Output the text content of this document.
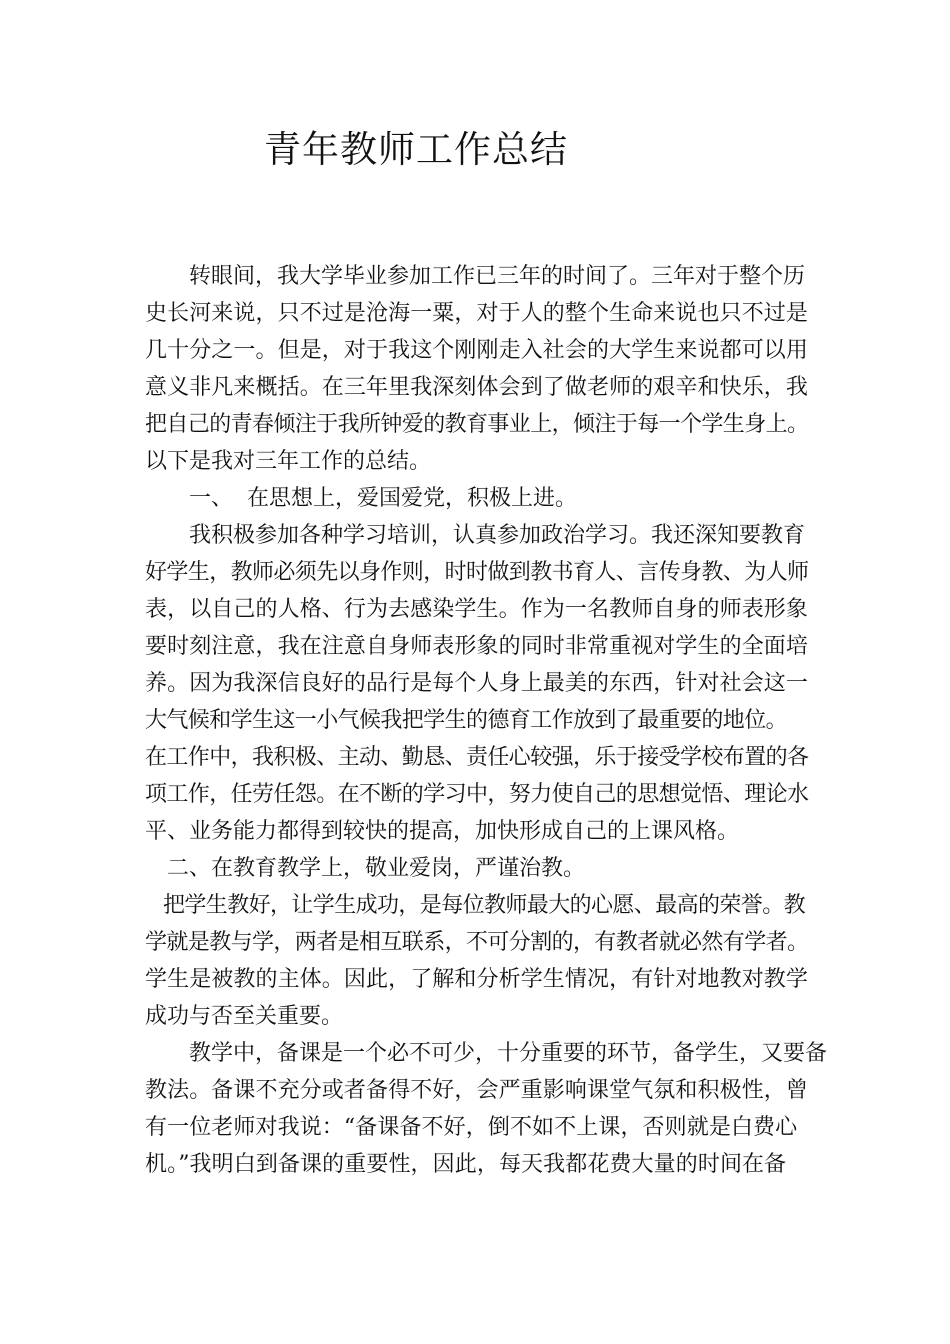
青年教师工作总结
转眼间，我大学毕业参加工作已三年的时间了。三年对于整个历
史长河来说，只不过是沧海一粟，对于人的整个生命来说也只不过是
几十分之一。但是，对于我这个刚刚走入社会的大学生来说都可以用
意义非凡来概括。在三年里我深刻体会到了做老师的艰辛和快乐，我
把自己的青春倾注于我所钟爱的教育事业上，倾注于每一个学生身上。
以下是我对三年工作的总结。
一、  在思想上，爱国爱党，积极上进。
我积极参加各种学习培训，认真参加政治学习。我还深知要教育
好学生，教师必须先以身作则，时时做到教书育人、言传身教、为人师
表，以自己的人格、行为去感染学生。作为一名教师自身的师表形象
要时刻注意，我在注意自身师表形象的同时非常重视对学生的全面培
养。因为我深信良好的品行是每个人身上最美的东西，针对社会这一
大气候和学生这一小气候我把学生的德育工作放到了最重要的地位。
在工作中，我积极、主动、勤恳、责任心较强，乐于接受学校布置的各
项工作，任劳任怨。在不断的学习中，努力使自己的思想觉悟、理论水
平、业务能力都得到较快的提高，加快形成自己的上课风格。
二、在教育教学上，敬业爱岗，严谨治教。
把学生教好，让学生成功，是每位教师最大的心愿、最高的荣誉。教
学就是教与学，两者是相互联系，不可分割的，有教者就必然有学者。
学生是被教的主体。因此，了解和分析学生情况，有针对地教对教学
成功与否至关重要。
教学中，备课是一个必不可少，十分重要的环节，备学生，又要备
教法。备课不充分或者备得不好，会严重影响课堂气氛和积极性，曾
有一位老师对我说：“备课备不好，倒不如不上课，否则就是白费心
机。”我明白到备课的重要性，因此，每天我都花费大量的时间在备
